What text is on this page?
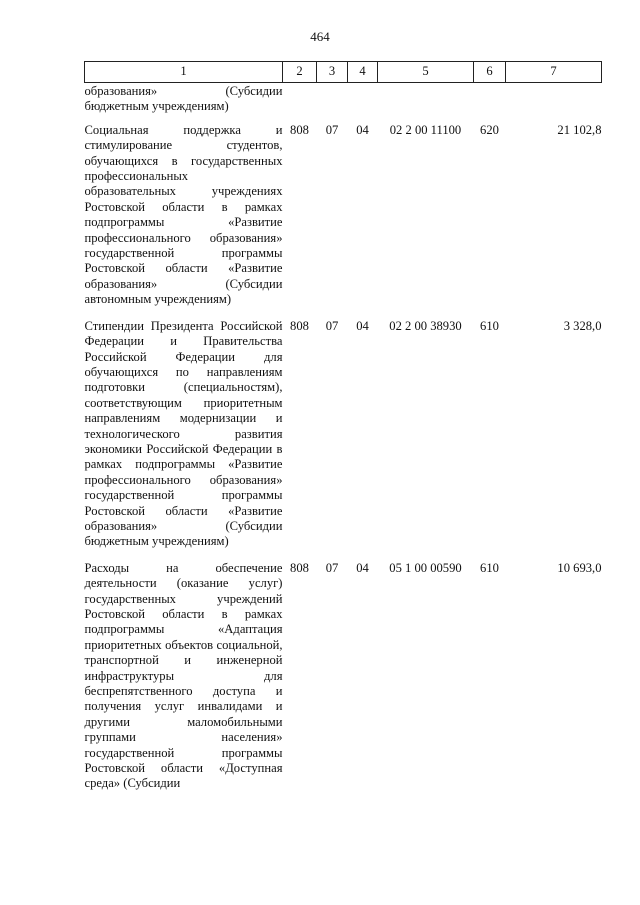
464
1	2	3	4	5	6	7
образования» (Субсидии бюджетным учреждениям)						
Социальная поддержка и стимулирование студентов, обучающихся в государственных профессиональных образовательных учреждениях Ростовской области в рамках подпрограммы «Развитие профессионального образования» государственной программы Ростовской области «Развитие образования» (Субсидии автономным учреждениям)	808	07	04	02 2 00 11100	620	21 102,8
Стипендии Президента Российской Федерации и Правительства Российской Федерации для обучающихся по направлениям подготовки (специальностям), соответствующим приоритетным направлениям модернизации и технологического развития экономики Российской Федерации в рамках подпрограммы «Развитие профессионального образования» государственной программы Ростовской области «Развитие образования» (Субсидии бюджетным учреждениям)	808	07	04	02 2 00 38930	610	3 328,0
Расходы на обеспечение деятельности (оказание услуг) государственных учреждений Ростовской области в рамках подпрограммы «Адаптация приоритетных объектов социальной, транспортной и инженерной инфраструктуры для беспрепятственного доступа и получения услуг инвалидами и другими маломобильными группами населения» государственной программы Ростовской области «Доступная среда» (Субсидии	808	07	04	05 1 00 00590	610	10 693,0
